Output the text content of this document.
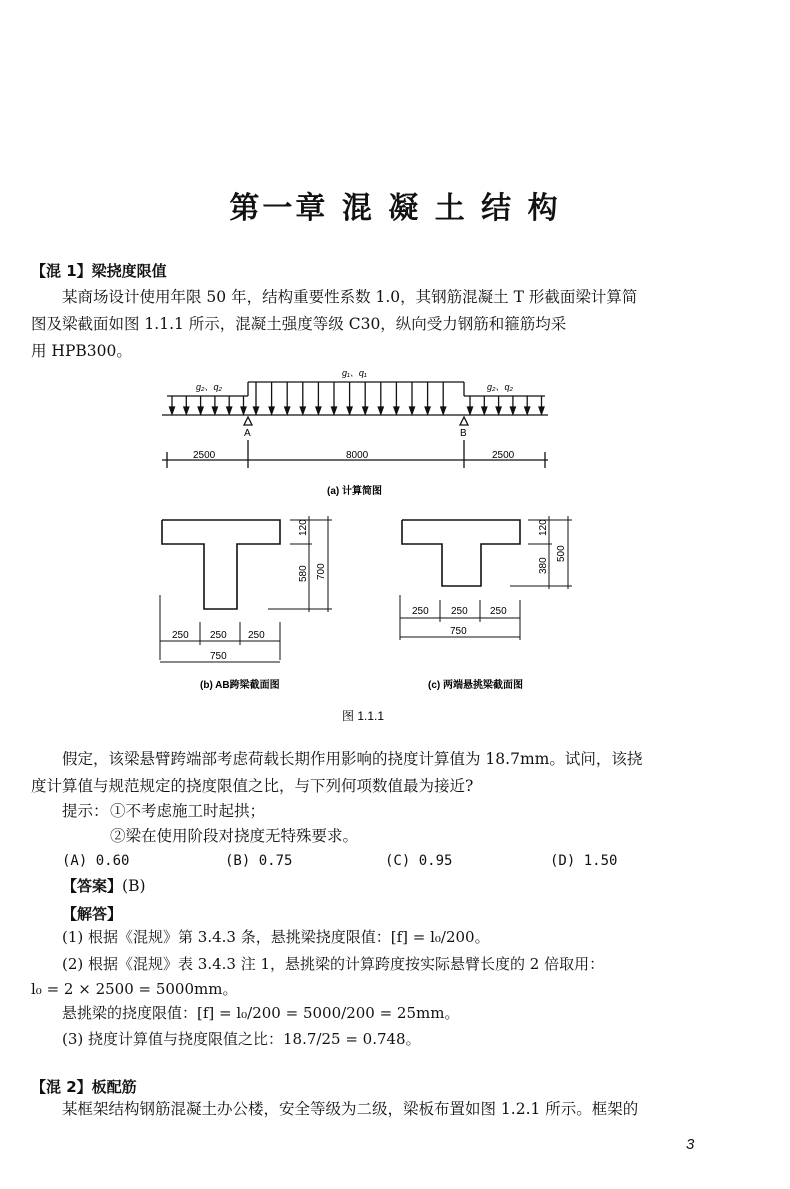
第一章 混 凝 土 结 构
【混 1】梁挠度限值
某商场设计使用年限 50 年，结构重要性系数 1.0，其钢筋混凝土 T 形截面梁计算简
图及梁截面如图 1.1.1 所示，混凝土强度等级 C30，纵向受力钢筋和箍筋均采
用 HPB300。
g₂、q₂
g₁、q₁
g₂、q₂
A	B
2500	8000	2500
(a) 计算简图
120
580 700
250 250 250
750
120
380
500
250 250 250
750
(b) AB跨梁截面图	(c) 两端悬挑梁截面图
图 1.1.1
假定，该梁悬臂跨端部考虑荷载长期作用影响的挠度计算值为 18.7mm。试问，该挠
度计算值与规范规定的挠度限值之比，与下列何项数值最为接近?
提示： ①不考虑施工时起拱；
②梁在使用阶段对挠度无特殊要求。
(A) 0.60	(B) 0.75	(C) 0.95	(D) 1.50
【答案】(B)
【解答】
(1) 根据《混规》第 3.4.3 条，悬挑梁挠度限值：[f] = l₀/200。
(2) 根据《混规》表 3.4.3 注 1，悬挑梁的计算跨度按实际悬臂长度的 2 倍取用：
l₀ = 2 × 2500 = 5000mm。
悬挑梁的挠度限值：[f] = l₀/200 = 5000/200 = 25mm。
(3) 挠度计算值与挠度限值之比：18.7/25 = 0.748。
【混 2】板配筋
某框架结构钢筋混凝土办公楼，安全等级为二级，梁板布置如图 1.2.1 所示。框架的
3
